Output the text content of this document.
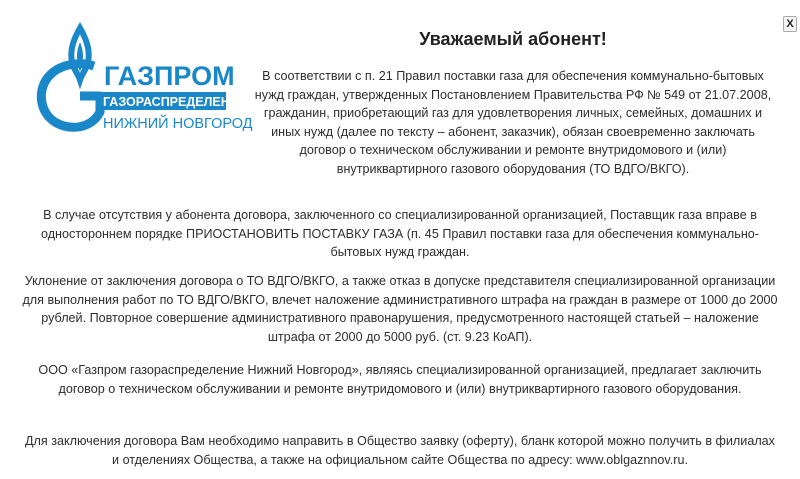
X
ГАЗПРОМ
ГАЗОРАСПРЕДЕЛЕНИЕ
НИЖНИЙ НОВГОРОД
Уважаемый абонент!

В соответствии с п. 21 Правил поставки газа для обеспечения коммунально-бытовых нужд граждан, утвержденных Постановлением Правительства РФ № 549 от 21.07.2008, гражданин, приобретающий газ для удовлетворения личных, семейных, домашних и иных нужд (далее по тексту – абонент, заказчик), обязан своевременно заключать договор о техническом обслуживании и ремонте внутридомового и (или) внутриквартирного газового оборудования (ТО ВДГО/ВКГО).

В случае отсутствия у абонента договора, заключенного со специализированной организацией, Поставщик газа вправе в одностороннем порядке ПРИОСТАНОВИТЬ ПОСТАВКУ ГАЗА (п. 45 Правил поставки газа для обеспечения коммунально-бытовых нужд граждан.

Уклонение от заключения договора о ТО ВДГО/ВКГО, а также отказ в допуске представителя специализированной организации для выполнения работ по ТО ВДГО/ВКГО, влечет наложение административного штрафа на граждан в размере от 1000 до 2000 рублей. Повторное совершение административного правонарушения, предусмотренного настоящей статьей – наложение штрафа от 2000 до 5000 руб. (ст. 9.23 КоАП).

ООО «Газпром газораспределение Нижний Новгород», являясь специализированной организацией, предлагает заключить договор о техническом обслуживании и ремонте внутридомового и (или) внутриквартирного газового оборудования.

Для заключения договора Вам необходимо направить в Общество заявку (оферту), бланк которой можно получить в филиалах и отделениях Общества, а также на официальном сайте Общества по адресу: www.oblgaznnov.ru.
